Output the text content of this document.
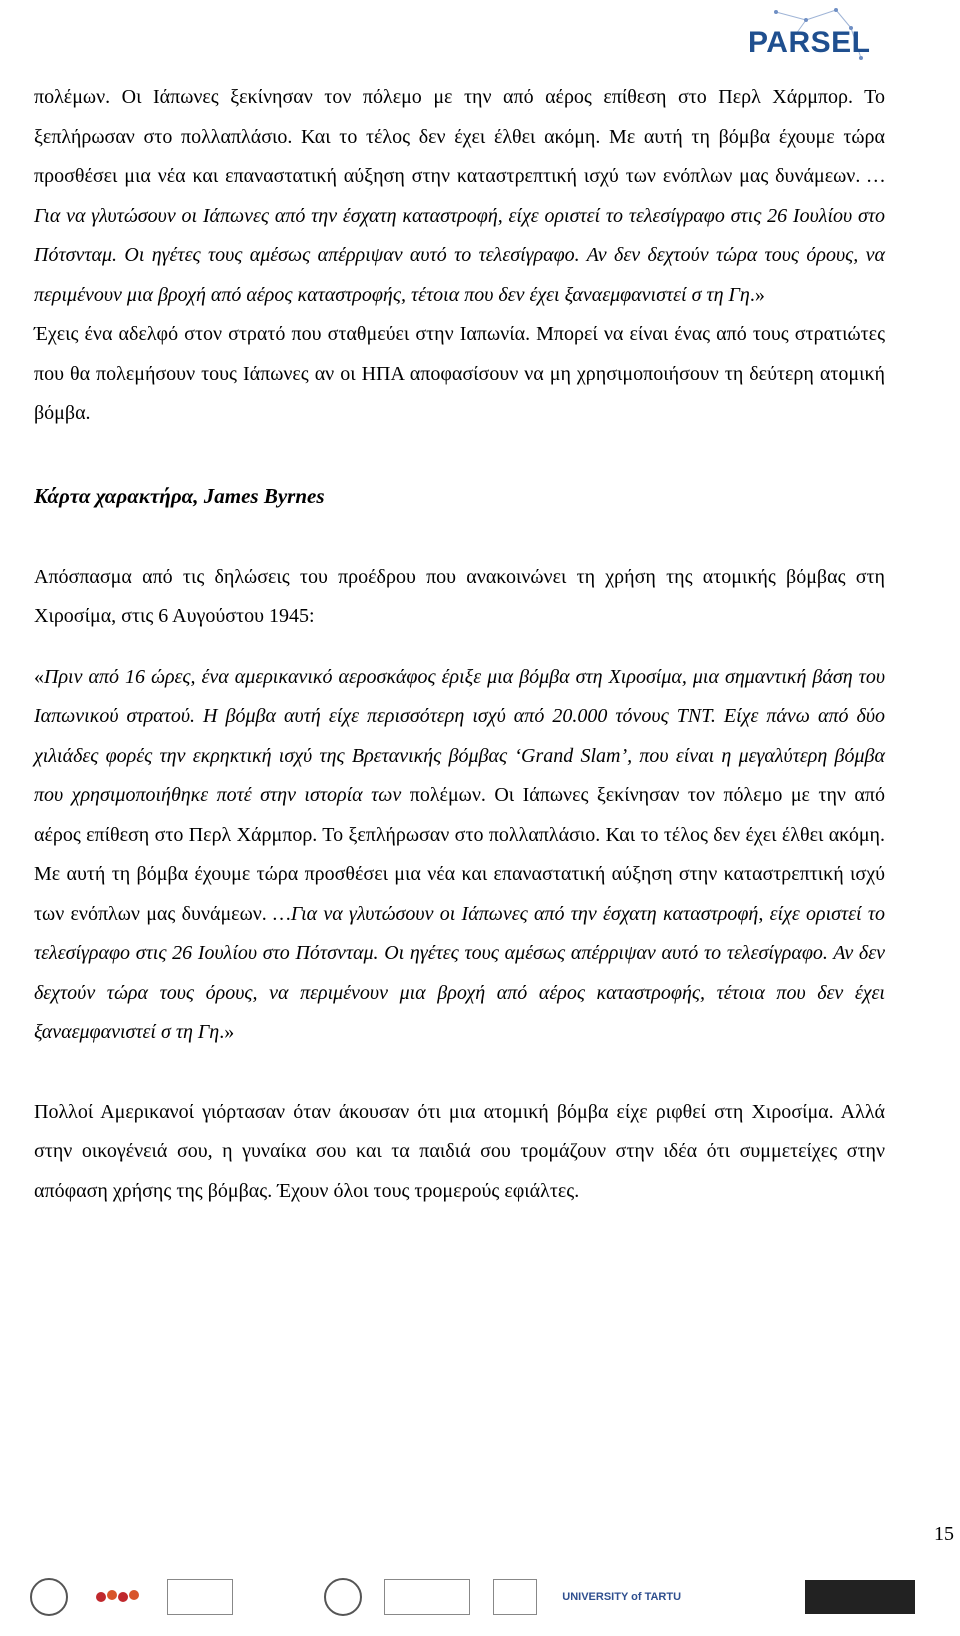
PARSEL

πολέμων. Οι Ιάπωνες ξεκίνησαν τον πόλεμο με την από αέρος επίθεση στο Περλ Χάρμπορ. Το ξεπλήρωσαν στο πολλαπλάσιο. Και το τέλος δεν έχει έλθει ακόμη. Με αυτή τη βόμβα έχουμε τώρα προσθέσει μια νέα και επαναστατική αύξηση στην καταστρεπτική ισχύ των ενόπλων μας δυνάμεων. …Για να γλυτώσουν οι Ιάπωνες από την έσχατη καταστροφή, είχε οριστεί το τελεσίγραφο στις 26 Ιουλίου στο Πότσνταμ. Οι ηγέτες τους αμέσως απέρριψαν αυτό το τελεσίγραφο. Αν δεν δεχτούν τώρα τους όρους, να περιμένουν μια βροχή από αέρος καταστροφής, τέτοια που δεν έχει ξαναεμφανιστεί σ τη Γη.»

Έχεις ένα αδελφό στον στρατό που σταθμεύει στην Ιαπωνία. Μπορεί να είναι ένας από τους στρατιώτες που θα πολεμήσουν τους Ιάπωνες αν οι ΗΠΑ αποφασίσουν να μη χρησιμοποιήσουν τη δεύτερη ατομική βόμβα.

Κάρτα χαρακτήρα, James Byrnes

Απόσπασμα από τις δηλώσεις του προέδρου που ανακοινώνει τη χρήση της ατομικής βόμβας στη Χιροσίμα, στις 6 Αυγούστου 1945:

«Πριν από 16 ώρες, ένα αμερικανικό αεροσκάφος έριξε μια βόμβα στη Χιροσίμα, μια σημαντική βάση του Ιαπωνικού στρατού. Η βόμβα αυτή είχε περισσότερη ισχύ από 20.000 τόνους TNT. Είχε πάνω από δύο χιλιάδες φορές την εκρηκτική ισχύ της Βρετανικής βόμβας ‘Grand Slam’, που είναι η μεγαλύτερη βόμβα που χρησιμοποιήθηκε ποτέ στην ιστορία των πολέμων. Οι Ιάπωνες ξεκίνησαν τον πόλεμο με την από αέρος επίθεση στο Περλ Χάρμπορ. Το ξεπλήρωσαν στο πολλαπλάσιο. Και το τέλος δεν έχει έλθει ακόμη. Με αυτή τη βόμβα έχουμε τώρα προσθέσει μια νέα και επαναστατική αύξηση στην καταστρεπτική ισχύ των ενόπλων μας δυνάμεων. …Για να γλυτώσουν οι Ιάπωνες από την έσχατη καταστροφή, είχε οριστεί το τελεσίγραφο στις 26 Ιουλίου στο Πότσνταμ. Οι ηγέτες τους αμέσως απέρριψαν αυτό το τελεσίγραφο. Αν δεν δεχτούν τώρα τους όρους, να περιμένουν μια βροχή από αέρος καταστροφής, τέτοια που δεν έχει ξαναεμφανιστεί σ τη Γη.»

Πολλοί Αμερικανοί γιόρτασαν όταν άκουσαν ότι μια ατομική βόμβα είχε ριφθεί στη Χιροσίμα. Αλλά στην οικογένειά σου, η γυναίκα σου και τα παιδιά σου τρομάζουν στην ιδέα ότι συμμετείχες στην απόφαση χρήσης της βόμβας. Έχουν όλοι τους τρομερούς εφιάλτες.

15
UNIVERSITY of TARTU
